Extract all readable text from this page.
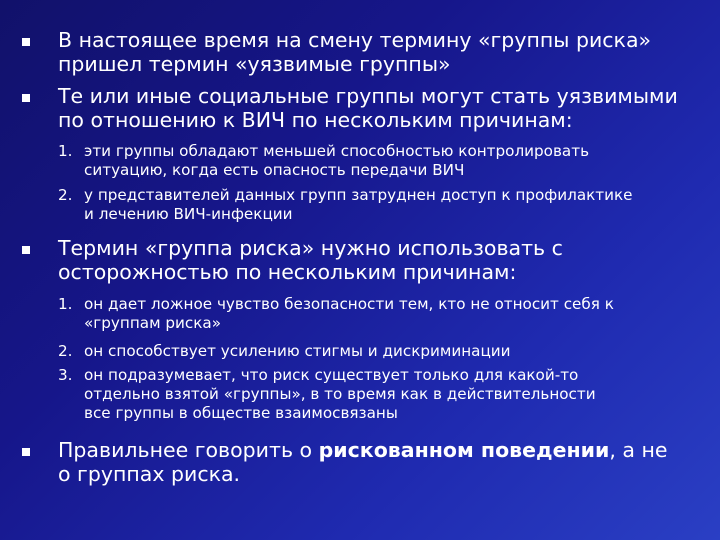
В настоящее время на смену термину «группы риска»
пришел термин «уязвимые группы»

Те или иные социальные группы могут стать уязвимыми
по отношению к ВИЧ по нескольким причинам:

1. эти группы обладают меньшей способностью контролировать
ситуацию, когда есть опасность передачи ВИЧ

2. у представителей данных групп затруднен доступ к профилактике
и лечению ВИЧ-инфекции

Термин «группа риска» нужно использовать с
осторожностью по нескольким причинам:

1. он дает ложное чувство безопасности тем, кто не относит себя к
«группам риска»

2. он способствует усилению стигмы и дискриминации

3. он подразумевает, что риск существует только для какой-то
отдельно взятой «группы», в то время как в действительности
все группы в обществе взаимосвязаны

Правильнее говорить о рискованном поведении, а не
о группах риска.
